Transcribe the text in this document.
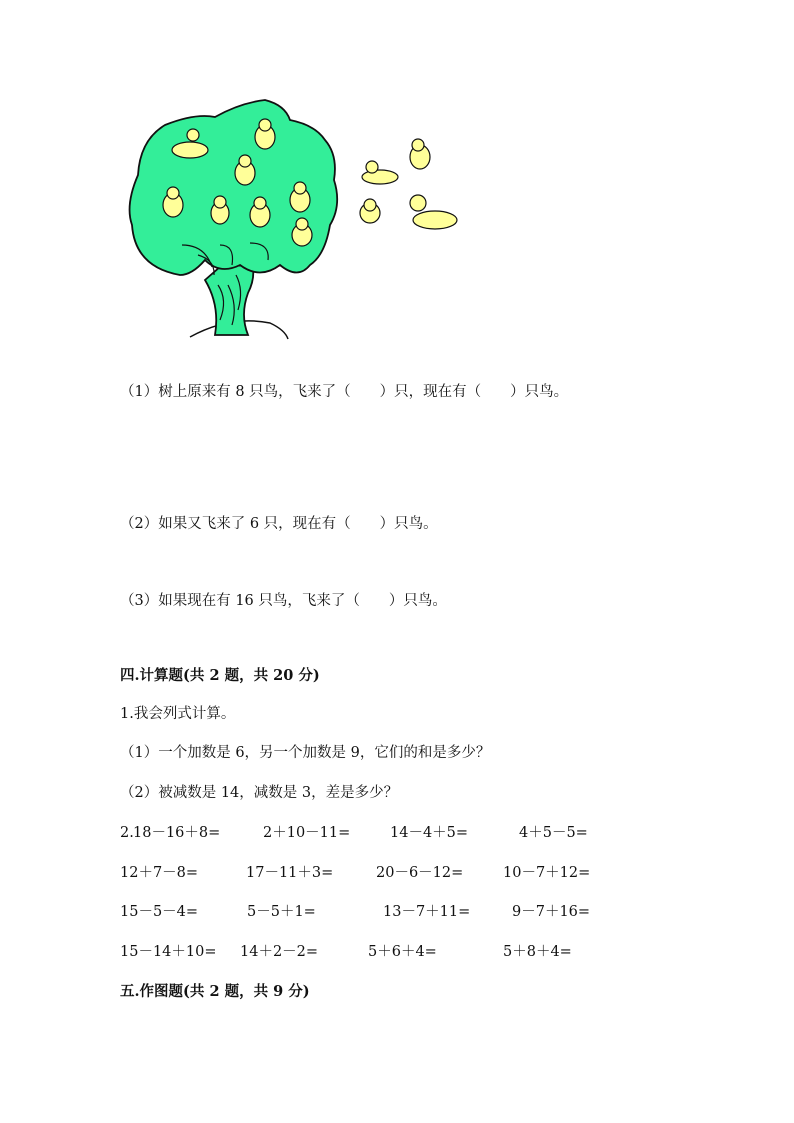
（1）树上原来有 8 只鸟，飞来了（　　）只，现在有（　　）只鸟。
（2）如果又飞来了 6 只，现在有（　　）只鸟。
（3）如果现在有 16 只鸟，飞来了（　　）只鸟。
四.计算题(共 2 题，共 20 分)
1.我会列式计算。
（1）一个加数是 6，另一个加数是 9，它们的和是多少？
（2）被减数是 14，减数是 3，差是多少？
2. 18－16＋8=	2＋10－11=	14－4＋5=	4＋5－5=
12＋7－8=	17－11＋3=	20－6－12=	10－7＋12=
15－5－4=	5－5＋1=	13－7＋11=	9－7＋16=
15－14＋10= 14＋2－2=	5＋6＋4=	5＋8＋4=
五.作图题(共 2 题，共 9 分)
